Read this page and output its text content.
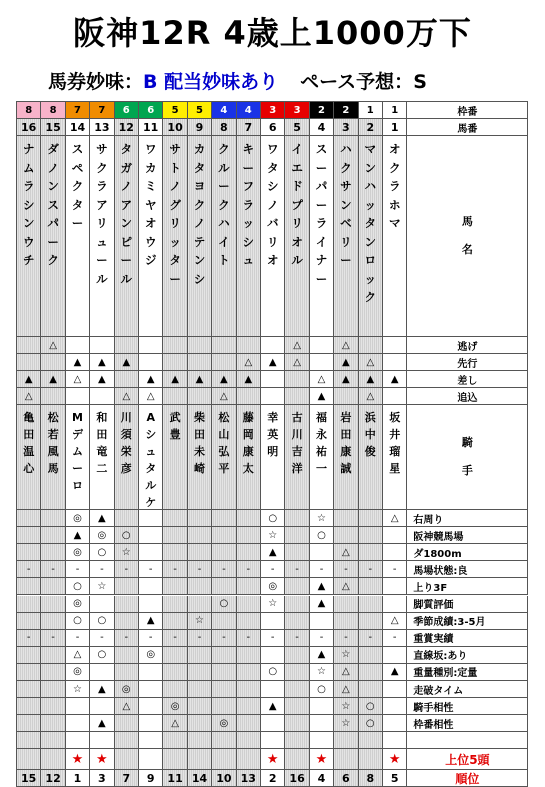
阪神12R 4歳上1000万下
馬券妙味：B 配当妙味あり ペース予想：S
8
16
ナ
ム
ラ
シ
ン
ウ
チ
▲
△
亀
田
温
心
-
-
15
8
15
ダ
ノ
ン
ス
パ
ー
ク
△
▲
松
若
風
馬
-
-
12
7
14
ス
ペ
ク
タ
ー
▲
△
M
デ
ム
ー
ロ
◎
▲
◎
-
○
◎
○
-
△
◎
☆
★
1
7
13
サ
ク
ラ
ア
リ
ュ
ー
ル
▲
▲
和
田
竜
二
▲
◎
○
-
☆
○
-
○
▲
▲
★
3
6
12
タ
ガ
ノ
ア
ン
ピ
ー
ル
▲
△
川
須
栄
彦
○
☆
-
-
◎
△
7
6
11
ワ
カ
ミ
ヤ
オ
ウ
ジ
▲
△
A
シ
ュ
タ
ル
ケ
-
▲
-
◎
9
5
10
サ
ト
ノ
グ
リ
ッ
タ
ー
▲
武
豊
-
-
◎
△
11
5
9
カ
タ
ヨ
ク
ノ
テ
ン
シ
▲
柴
田
未
崎
-
☆
-
14
4
8
ク
ル
ー
ク
ハ
イ
ト
▲
△
松
山
弘
平
-
○
-
◎
10
4
7
キ
ー
フ
ラ
ッ
シ
ュ
△
▲
藤
岡
康
太
-
-
13
3
6
ワ
タ
シ
ノ
バ
リ
オ
▲
幸
英
明
○
☆
▲
-
◎
☆
-
○
▲
★
2
3
5
イ
エ
ド
プ
リ
オ
ル
△
△
古
川
吉
洋
-
-
16
2
4
ス
ー
パ
ー
ラ
イ
ナ
ー
△
▲
福
永
祐
一
☆
○
-
▲
▲
-
▲
☆
○
★
4
2
3
ハ
ク
サ
ン
ベ
リ
ー
△
▲
▲
岩
田
康
誠
△
-
△
-
☆
△
△
☆
☆
6
1
2
マ
ン
ハ
ッ
タ
ン
ロ
ッ
ク
△
▲
△
浜
中
俊
-
-
○
○
8
1
1
オ
ク
ラ
ホ
マ
▲
坂
井
瑠
星
△
-
△
-
▲
★
5
枠番
馬番
馬
名
逃げ
先行
差し
追込
騎
手
右周り
阪神競馬場
ダ1800m
馬場状態:良
上り3F
脚質評価
季節成績:3-5月
重賞実績
直線坂:あり
重量種別:定量
走破タイム
騎手相性
枠番相性
上位5頭
順位
